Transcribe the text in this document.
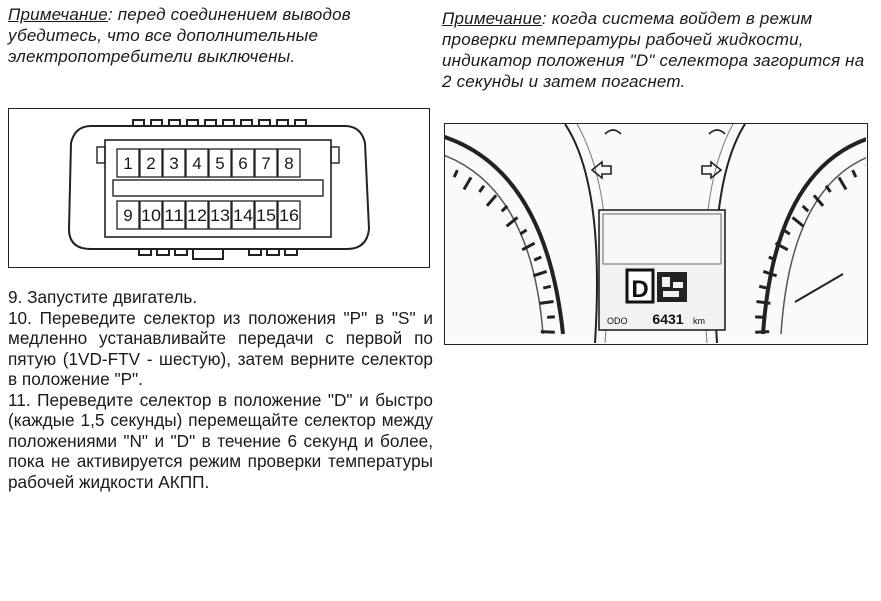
Примечание: перед соединением выводов убедитесь, что все дополнительные электропотребители выключены.
Примечание: когда система войдет в режим проверки температуры рабочей жидкости, индикатор положения "D" селектора загорится на 2 секунды и затем погаснет.
1 2 3 4 5 6 7 8
9 10 11 12 13 14 15 16
D
ODO 6431 km

9. Запустите двигатель.

10. Переведите селектор из положения "P" в "S" и медленно устанавливайте передачи с первой по пятую (1VD-FTV - шестую), затем верните селектор в положение "P".

11. Переведите селектор в положение "D" и быстро (каждые 1,5 секунды) перемещайте селектор между положениями "N" и "D" в течение 6 секунд и более, пока не активируется режим проверки температуры рабочей жидкости АКПП.
